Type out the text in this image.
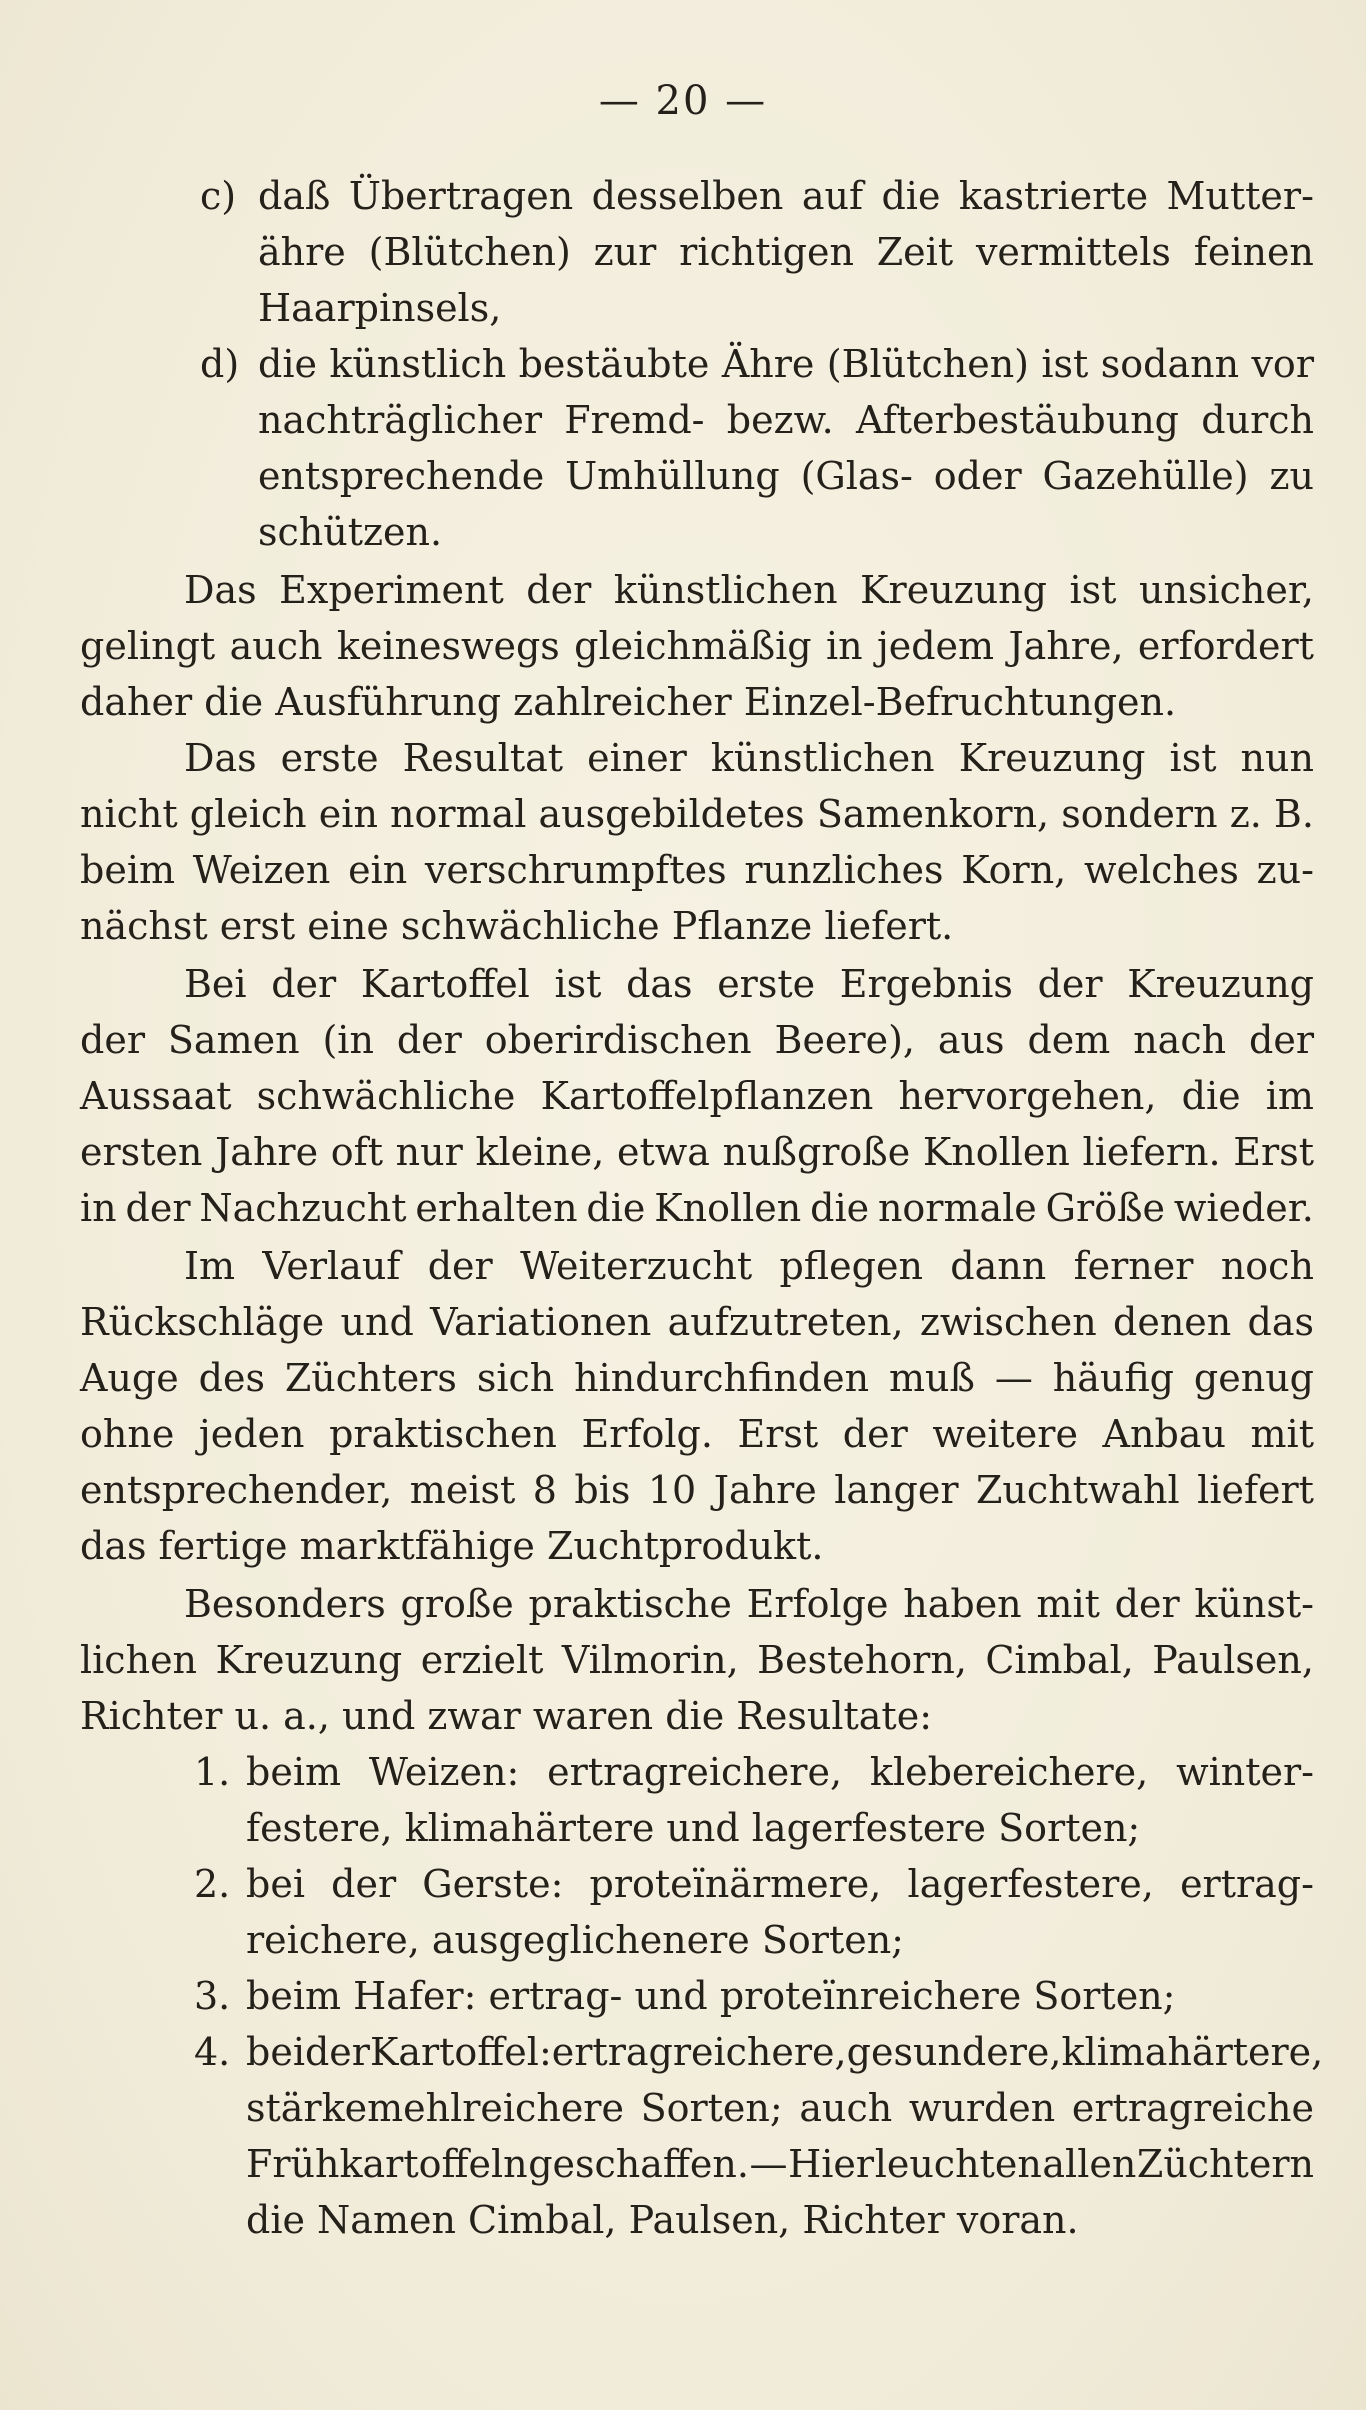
— 20 —
c) daß Übertragen desselben auf die kastrierte Mutter-
ähre (Blütchen) zur richtigen Zeit vermittels feinen
Haarpinsels,
d) die künstlich bestäubte Ähre (Blütchen) ist sodann vor
nachträglicher Fremd- bezw. Afterbestäubung durch
entsprechende Umhüllung (Glas- oder Gazehülle) zu
schützen.
Das Experiment der künstlichen Kreuzung ist unsicher,
gelingt auch keineswegs gleichmäßig in jedem Jahre, erfordert
daher die Ausführung zahlreicher Einzel-Befruchtungen.
Das erste Resultat einer künstlichen Kreuzung ist nun
nicht gleich ein normal ausgebildetes Samenkorn, sondern z. B.
beim Weizen ein verschrumpftes runzliches Korn, welches zu-
nächst erst eine schwächliche Pflanze liefert.
Bei der Kartoffel ist das erste Ergebnis der Kreuzung
der Samen (in der oberirdischen Beere), aus dem nach der
Aussaat schwächliche Kartoffelpflanzen hervorgehen, die im
ersten Jahre oft nur kleine, etwa nußgroße Knollen liefern. Erst
in der Nachzucht erhalten die Knollen die normale Größe wieder.
Im Verlauf der Weiterzucht pflegen dann ferner noch
Rückschläge und Variationen aufzutreten, zwischen denen das
Auge des Züchters sich hindurchfinden muß — häufig genug
ohne jeden praktischen Erfolg. Erst der weitere Anbau mit
entsprechender, meist 8 bis 10 Jahre langer Zuchtwahl liefert
das fertige marktfähige Zuchtprodukt.
Besonders große praktische Erfolge haben mit der künst-
lichen Kreuzung erzielt Vilmorin, Bestehorn, Cimbal, Paulsen,
Richter u. a., und zwar waren die Resultate:
1. beim Weizen: ertragreichere, klebereichere, winter-
festere, klimahärtere und lagerfestere Sorten;
2. bei der Gerste: proteïnärmere, lagerfestere, ertrag-
reichere, ausgeglichenere Sorten;
3. beim Hafer: ertrag- und proteïnreichere Sorten;
4. bei der Kartoffel: ertragreichere, gesundere, klimahärtere,
stärkemehlreichere Sorten; auch wurden ertragreiche
Frühkartoffeln geschaffen. — Hier leuchten allen Züchtern
die Namen Cimbal, Paulsen, Richter voran.
